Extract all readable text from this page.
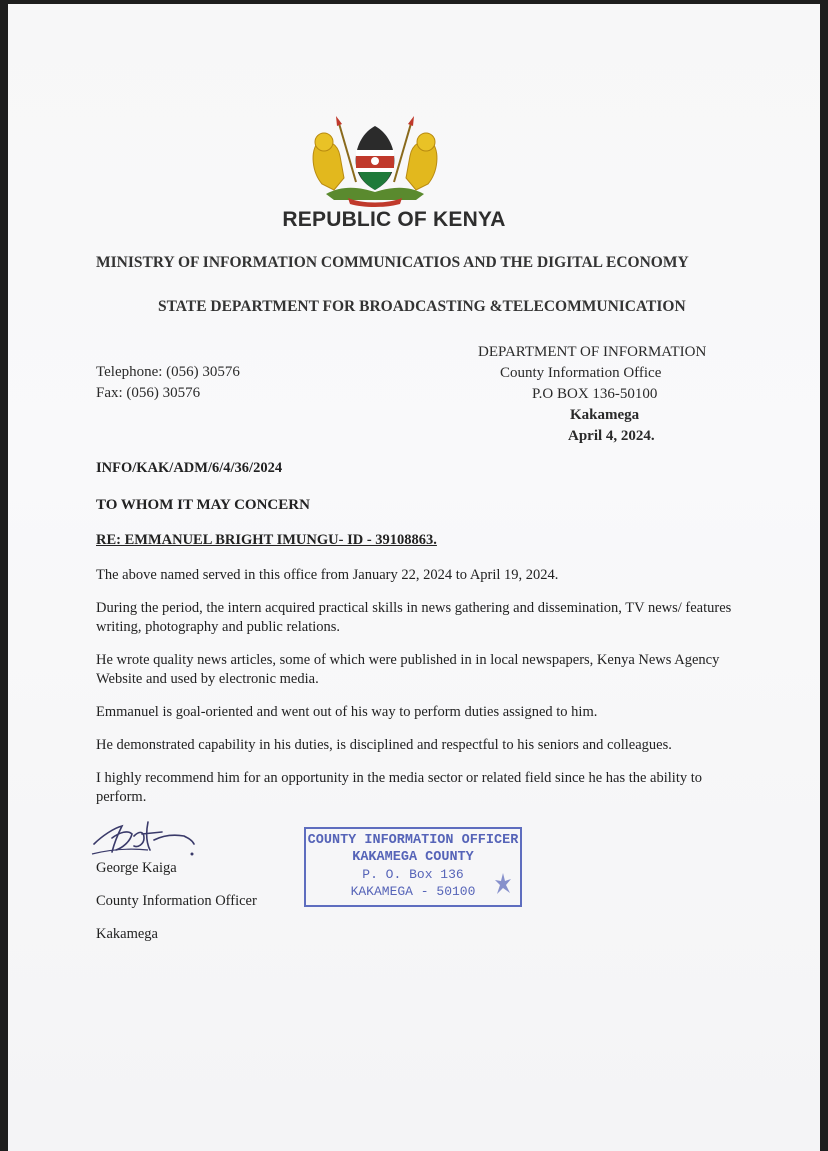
REPUBLIC OF KENYA
MINISTRY OF INFORMATION COMMUNICATIOS AND THE DIGITAL ECONOMY
STATE DEPARTMENT FOR BROADCASTING &TELECOMMUNICATION
Telephone: (056) 30576
Fax: (056) 30576
DEPARTMENT OF INFORMATION
County Information Office
P.O BOX 136-50100
Kakamega
April 4, 2024.
INFO/KAK/ADM/6/4/36/2024
TO WHOM IT MAY CONCERN
RE: EMMANUEL BRIGHT IMUNGU- ID - 39108863.

The above named served in this office from January 22, 2024 to April 19, 2024.

During the period, the intern acquired practical skills in news gathering and dissemination, TV news/ features writing, photography and public relations.

He wrote quality news articles, some of which were published in in local newspapers, Kenya News Agency Website and used by electronic media.

Emmanuel is goal-oriented and went out of his way to perform duties assigned to him.

He demonstrated capability in his duties, is disciplined and respectful to his seniors and colleagues.

I highly recommend him for an opportunity in the media sector or related field since he has the ability to perform.

George Kaiga
County Information Officer
Kakamega
COUNTY INFORMATION OFFICER
KAKAMEGA COUNTY
P. O. Box 136
KAKAMEGA - 50100
